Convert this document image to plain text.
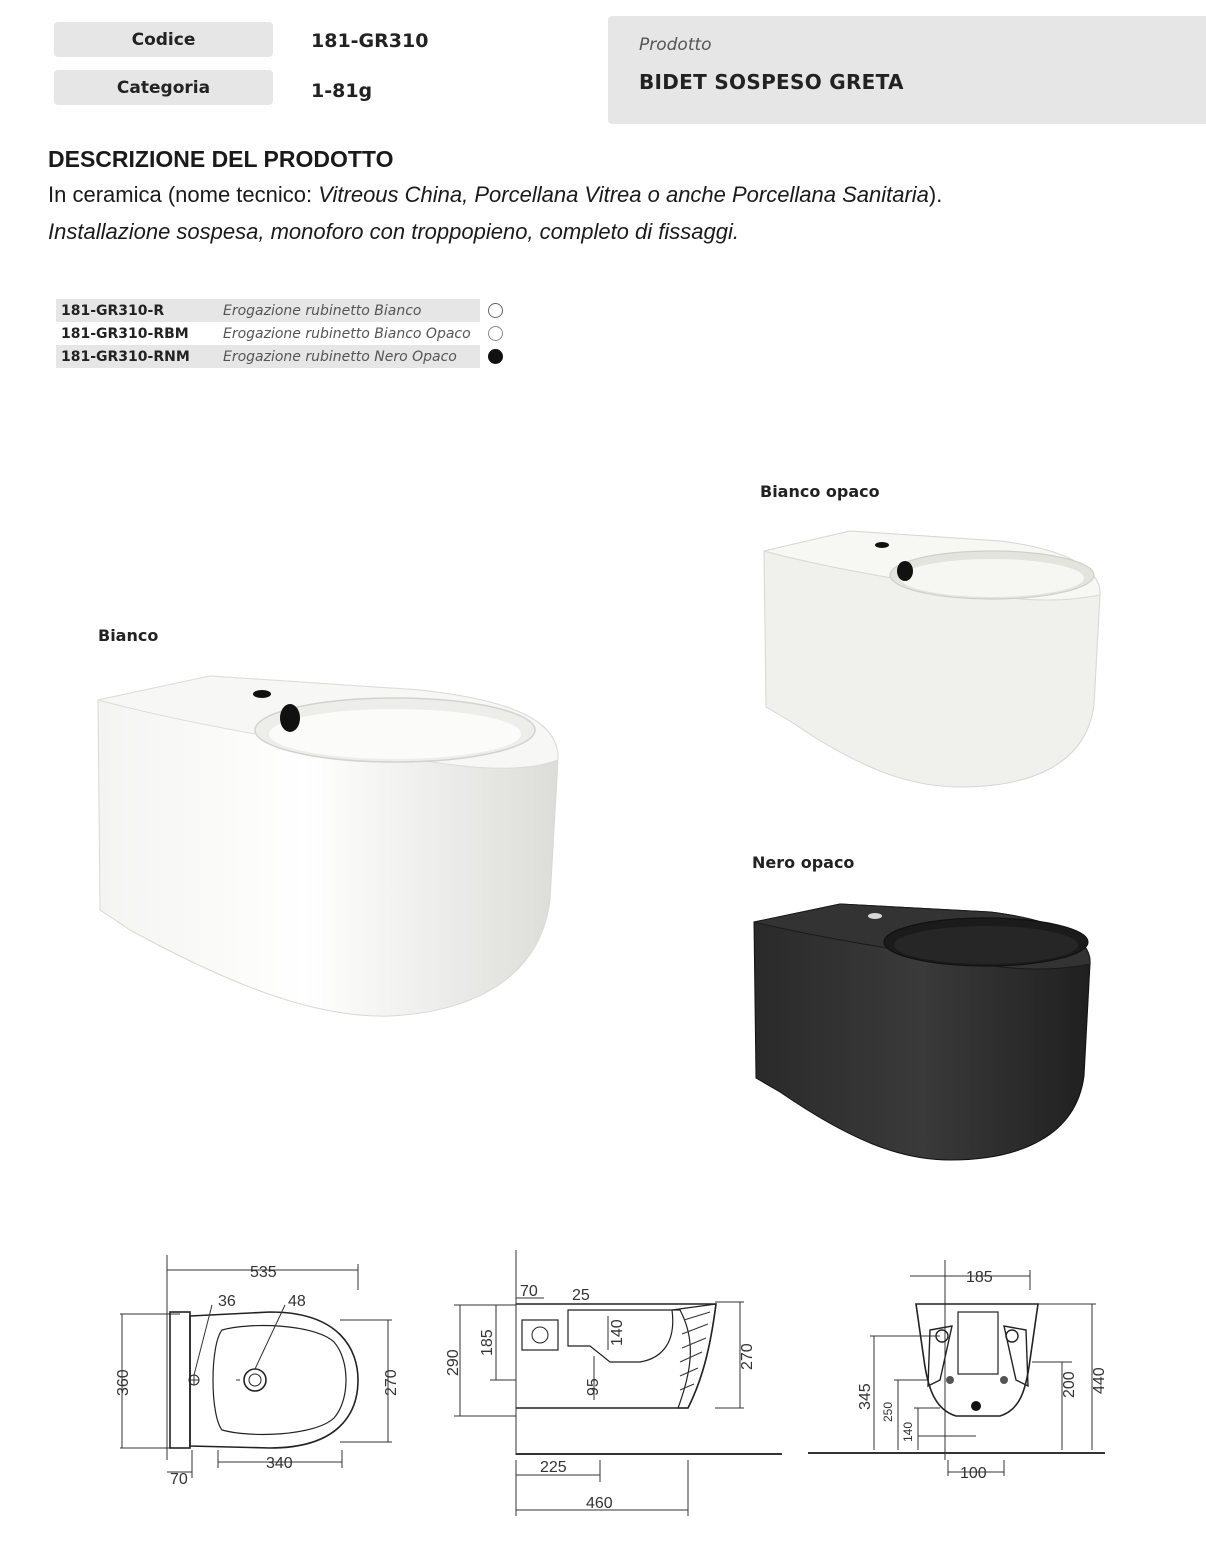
Codice	181-GR310
Categoria	1-81g
Prodotto
BIDET SOSPESO GRETA
DESCRIZIONE DEL PRODOTTO
In ceramica (nome tecnico: Vitreous China, Porcellana Vitrea o anche Porcellana Sanitaria).
Installazione sospesa, monoforo con troppopieno, completo di fissaggi.
181-GR310-R	Erogazione rubinetto Bianco	
181-GR310-RBM	Erogazione rubinetto Bianco Opaco	
181-GR310-RNM	Erogazione rubinetto Nero Opaco	
Bianco
Bianco opaco
Nero opaco
535
36	48
360	270
340
70
70 25
290
185	140
95
270
225
460
185
345
250
140
200 440
100
